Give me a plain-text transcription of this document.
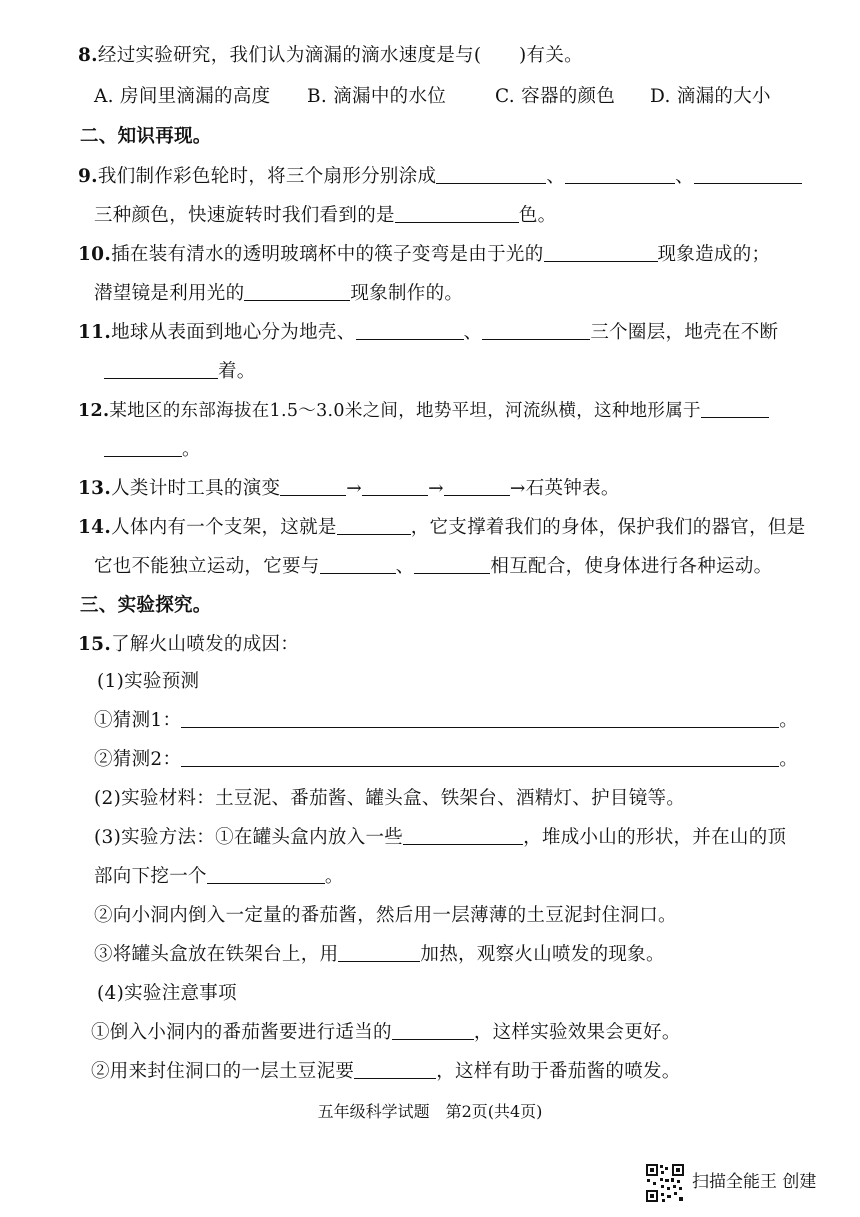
8.经过实验研究，我们认为滴漏的滴水速度是与(　　)有关。
A. 房间里滴漏的高度 B. 滴漏中的水位	C. 容器的颜色 D. 滴漏的大小
二、知识再现。
9.我们制作彩色轮时，将三个扇形分别涂成	、	、
三种颜色，快速旋转时我们看到的是	色。
10.插在装有清水的透明玻璃杯中的筷子变弯是由于光的	现象造成的；
潜望镜是利用光的	现象制作的。
11.地球从表面到地心分为地壳、	、	三个圈层，地壳在不断
着。
12.某地区的东部海拔在1.5～3.0米之间，地势平坦，河流纵横，这种地形属于
。
13.人类计时工具的演变	→	→	→石英钟表。
14.人体内有一个支架，这就是	，它支撑着我们的身体，保护我们的器官，但是
它也不能独立运动，它要与	、	相互配合，使身体进行各种运动。
三、实验探究。
15.了解火山喷发的成因：
(1)实验预测
①猜测1：	。
②猜测2：	。
(2)实验材料：土豆泥、番茄酱、罐头盒、铁架台、酒精灯、护目镜等。
(3)实验方法：①在罐头盒内放入一些	，堆成小山的形状，并在山的顶
部向下挖一个	。
②向小洞内倒入一定量的番茄酱，然后用一层薄薄的土豆泥封住洞口。
③将罐头盒放在铁架台上，用	加热，观察火山喷发的现象。
(4)实验注意事项
①倒入小洞内的番茄酱要进行适当的	，这样实验效果会更好。
②用来封住洞口的一层土豆泥要	，这样有助于番茄酱的喷发。
五年级科学试题　第2页(共4页)
扫描全能王 创建
